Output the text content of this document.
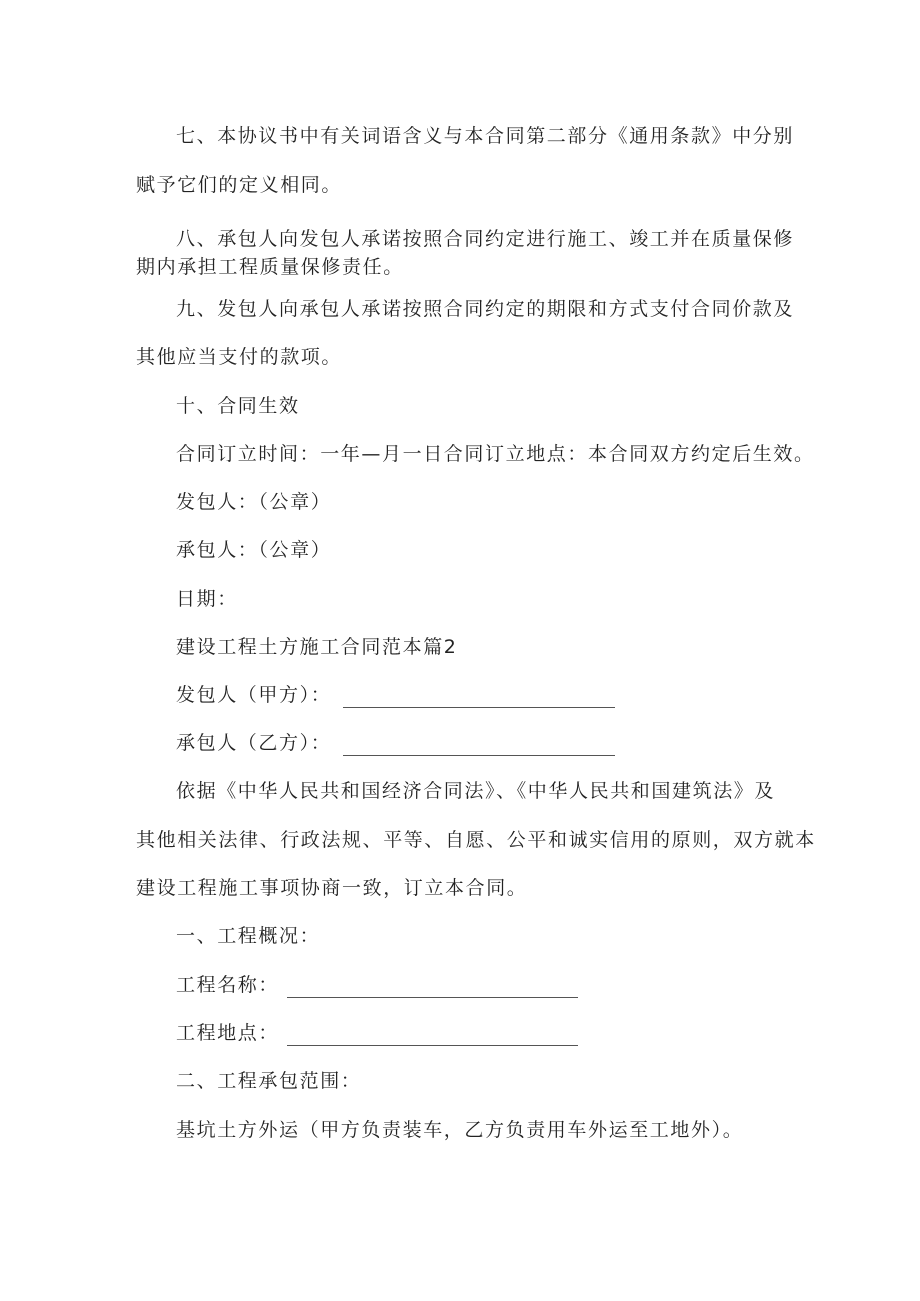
七、本协议书中有关词语含义与本合同第二部分《通用条款》中分别
赋予它们的定义相同。
八、承包人向发包人承诺按照合同约定进行施工、竣工并在质量保修
期内承担工程质量保修责任。
九、发包人向承包人承诺按照合同约定的期限和方式支付合同价款及
其他应当支付的款项。
十、合同生效
合同订立时间：一年—月一日合同订立地点：本合同双方约定后生效。
发包人：（公章）
承包人：（公章）
日期：
建设工程土方施工合同范本篇2
发包人（甲方）：
承包人（乙方）：
依据《中华人民共和国经济合同法》、《中华人民共和国建筑法》及
其他相关法律、行政法规、平等、自愿、公平和诚实信用的原则，双方就本
建设工程施工事项协商一致，订立本合同。
一、工程概况：
工程名称：
工程地点：
二、工程承包范围：
基坑土方外运（甲方负责装车，乙方负责用车外运至工地外）。
